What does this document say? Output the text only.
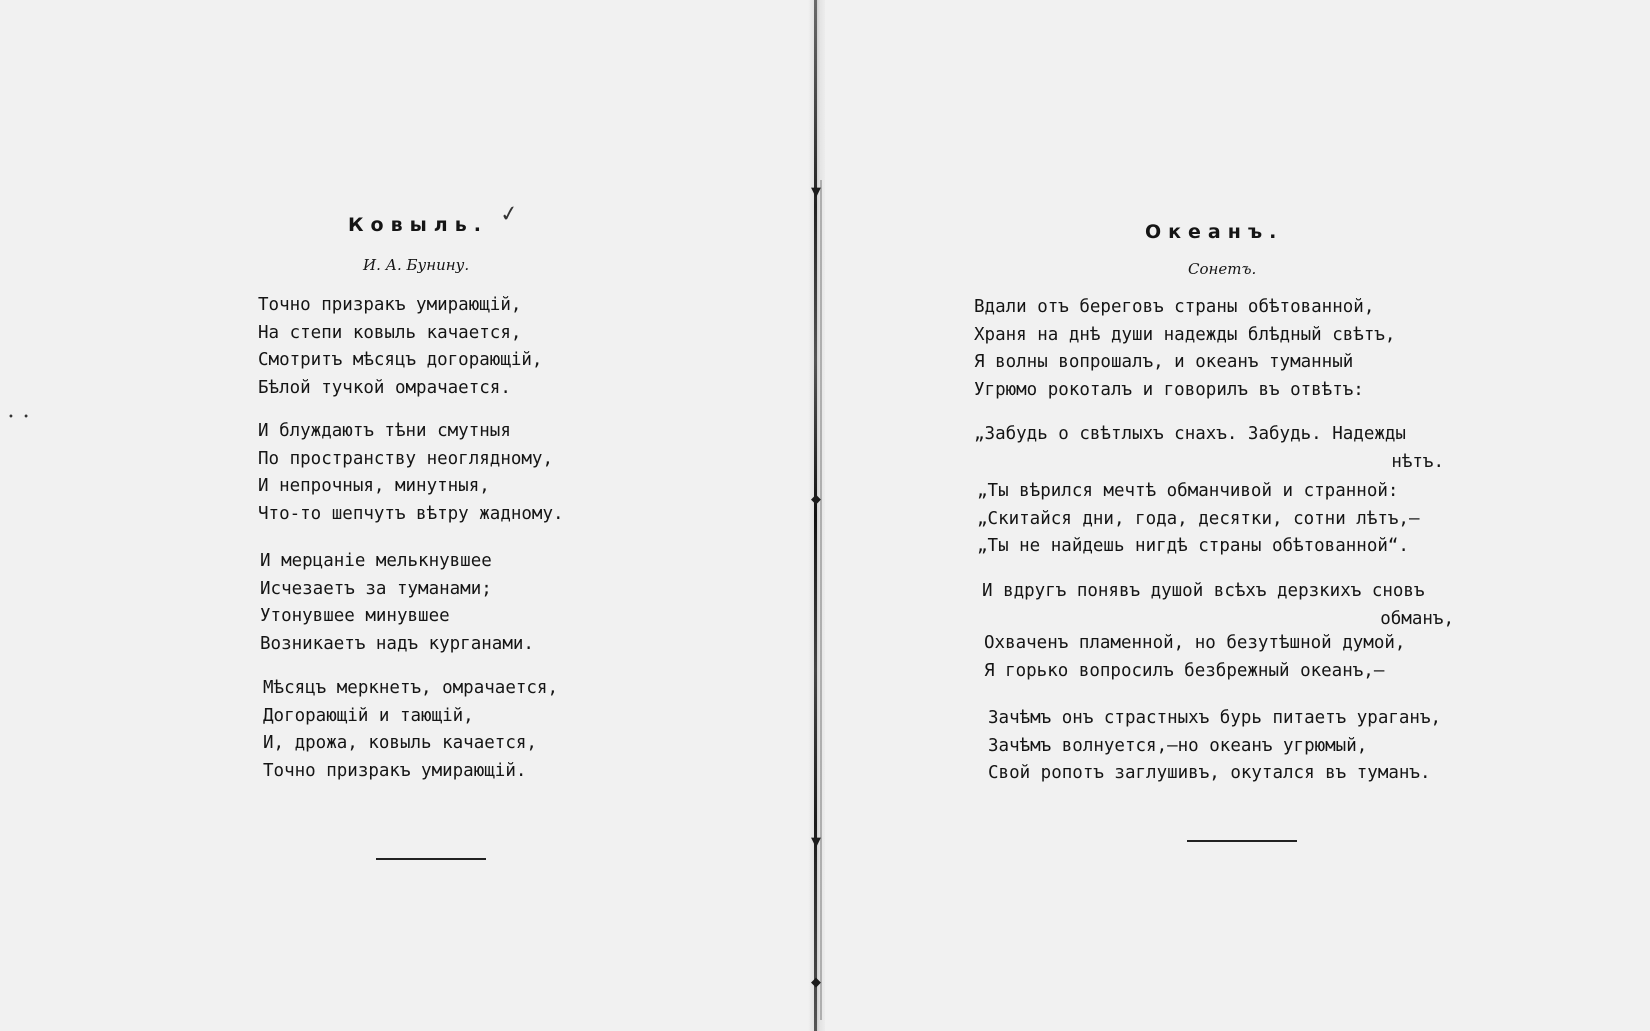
Ковыль. ✓
И. А. Бунину.
Точно призракъ умирающій,
На степи ковыль качается,
Смотритъ мѣсяцъ догорающій,
Бѣлой тучкой омрачается.
И блуждаютъ тѣни смутныя
По пространству неоглядному,
И непрочныя, минутныя,
Что-то шепчутъ вѣтру жадному.
И мерцаніе мелькнувшее
Исчезаетъ за туманами;
Утонувшее минувшее
Возникаетъ надъ курганами.
Мѣсяцъ меркнетъ, омрачается,
Догорающій и тающій,
И, дрожа, ковыль качается,
Точно призракъ умирающій.
▼
◆
▼
◆
Океанъ.
Сонетъ.
Вдали отъ береговъ страны обѣтованной,
Храня на днѣ души надежды блѣдный свѣтъ,
Я волны вопрошалъ, и океанъ туманный
Угрюмо рокоталъ и говорилъ въ отвѣтъ:
„Забудь о свѣтлыхъ снахъ. Забудь. Надежды
нѣтъ.
„Ты вѣрился мечтѣ обманчивой и странной:
„Скитайся дни, года, десятки, сотни лѣтъ,—
„Ты не найдешь нигдѣ страны обѣтованной“.
И вдругъ понявъ душой всѣхъ дерзкихъ сновъ
обманъ,
Охваченъ пламенной, но безутѣшной думой,
Я горько вопросилъ безбрежный океанъ,—
Зачѣмъ онъ страстныхъ бурь питаетъ ураганъ,
Зачѣмъ волнуется,—но океанъ угрюмый,
Свой ропотъ заглушивъ, окутался въ туманъ.
• •
